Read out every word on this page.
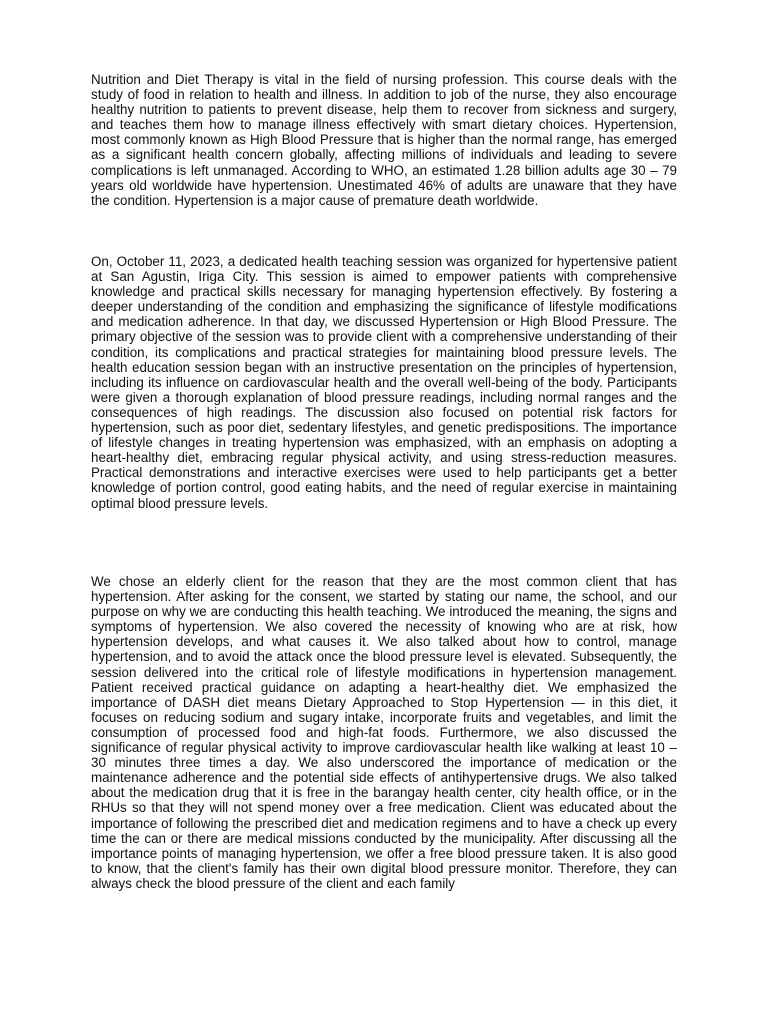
Nutrition and Diet Therapy is vital in the field of nursing profession. This course deals with the study of food in relation to health and illness. In addition to job of the nurse, they also encourage healthy nutrition to patients to prevent disease, help them to recover from sickness and surgery, and teaches them how to manage illness effectively with smart dietary choices. Hypertension, most commonly known as High Blood Pressure that is higher than the normal range, has emerged as a significant health concern globally, affecting millions of individuals and leading to severe complications is left unmanaged. According to WHO, an estimated 1.28 billion adults age 30 – 79 years old worldwide have hypertension. Unestimated 46% of adults are unaware that they have the condition. Hypertension is a major cause of premature death worldwide.

On, October 11, 2023, a dedicated health teaching session was organized for hypertensive patient at San Agustin, Iriga City. This session is aimed to empower patients with comprehensive knowledge and practical skills necessary for managing hypertension effectively. By fostering a deeper understanding of the condition and emphasizing the significance of lifestyle modifications and medication adherence. In that day, we discussed Hypertension or High Blood Pressure. The primary objective of the session was to provide client with a comprehensive understanding of their condition, its complications and practical strategies for maintaining blood pressure levels. The health education session began with an instructive presentation on the principles of hypertension, including its influence on cardiovascular health and the overall well-being of the body. Participants were given a thorough explanation of blood pressure readings, including normal ranges and the consequences of high readings. The discussion also focused on potential risk factors for hypertension, such as poor diet, sedentary lifestyles, and genetic predispositions. The importance of lifestyle changes in treating hypertension was emphasized, with an emphasis on adopting a heart-healthy diet, embracing regular physical activity, and using stress-reduction measures. Practical demonstrations and interactive exercises were used to help participants get a better knowledge of portion control, good eating habits, and the need of regular exercise in maintaining optimal blood pressure levels.

We chose an elderly client for the reason that they are the most common client that has hypertension. After asking for the consent, we started by stating our name, the school, and our purpose on why we are conducting this health teaching. We introduced the meaning, the signs and symptoms of hypertension. We also covered the necessity of knowing who are at risk, how hypertension develops, and what causes it. We also talked about how to control, manage hypertension, and to avoid the attack once the blood pressure level is elevated. Subsequently, the session delivered into the critical role of lifestyle modifications in hypertension management. Patient received practical guidance on adapting a heart-healthy diet. We emphasized the importance of DASH diet means Dietary Approached to Stop Hypertension — in this diet, it focuses on reducing sodium and sugary intake, incorporate fruits and vegetables, and limit the consumption of processed food and high-fat foods. Furthermore, we also discussed the significance of regular physical activity to improve cardiovascular health like walking at least 10 – 30 minutes three times a day. We also underscored the importance of medication or the maintenance adherence and the potential side effects of antihypertensive drugs. We also talked about the medication drug that it is free in the barangay health center, city health office, or in the RHUs so that they will not spend money over a free medication. Client was educated about the importance of following the prescribed diet and medication regimens and to have a check up every time the can or there are medical missions conducted by the municipality. After discussing all the importance points of managing hypertension, we offer a free blood pressure taken. It is also good to know, that the client's family has their own digital blood pressure monitor. Therefore, they can always check the blood pressure of the client and each family
